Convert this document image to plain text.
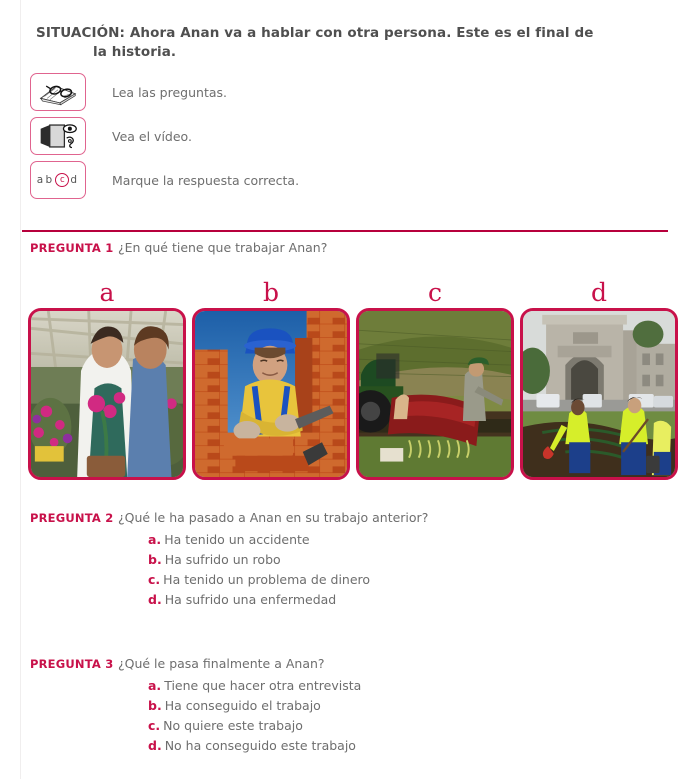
SITUACIÓN: Ahora Anan va a hablar con otra persona. Este es el final de
la historia.
Lea las preguntas.
Vea el vídeo.
a b c d	Marque la respuesta correcta.
PREGUNTA 1 ¿En qué tiene que trabajar Anan?
a	b	c	d
PREGUNTA 2 ¿Qué le ha pasado a Anan en su trabajo anterior?
a. Ha tenido un accidente
b. Ha sufrido un robo
c. Ha tenido un problema de dinero
d. Ha sufrido una enfermedad
PREGUNTA 3 ¿Qué le pasa finalmente a Anan?
a. Tiene que hacer otra entrevista
b. Ha conseguido el trabajo
c. No quiere este trabajo
d. No ha conseguido este trabajo
